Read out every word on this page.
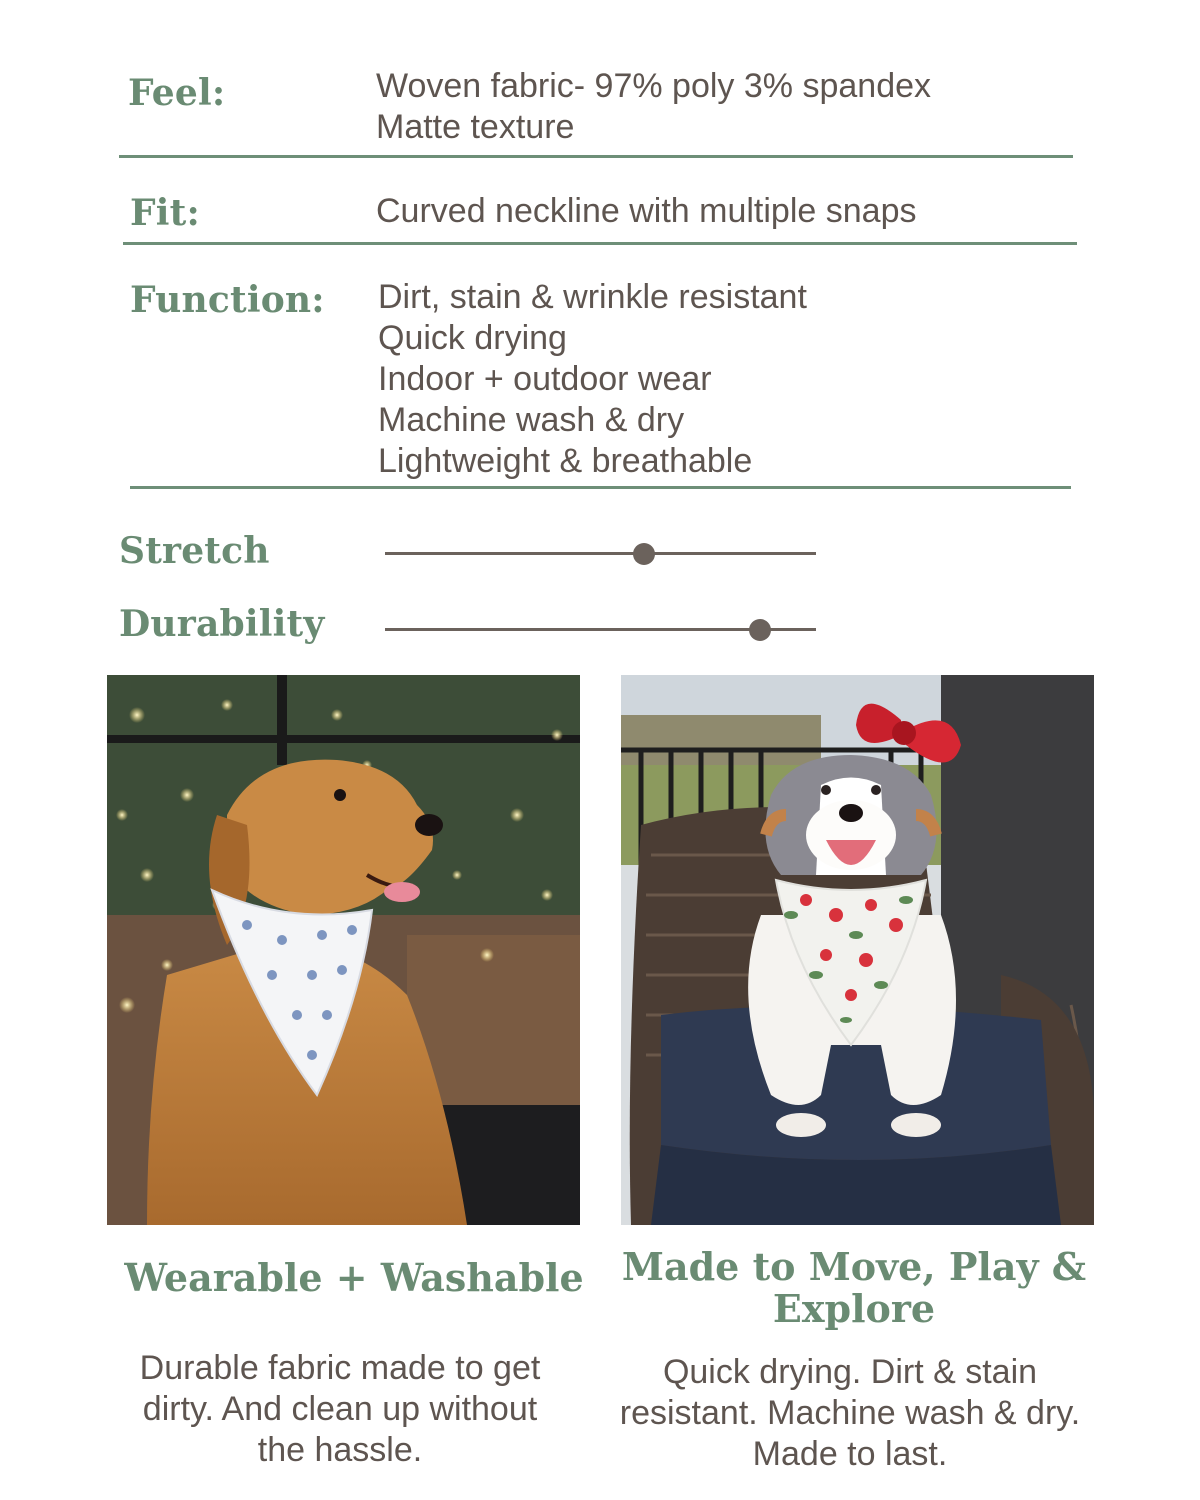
Feel:	Woven fabric- 97% poly 3% spandex
Matte texture
Fit:	Curved neckline with multiple snaps
Function: Dirt, stain & wrinkle resistant
Quick drying
Indoor + outdoor wear
Machine wash & dry
Lightweight & breathable
Stretch
Durability
Wearable + Washable
Durable fabric made to get dirty. And clean up without the hassle.
Made to Move, Play & Explore
Quick drying. Dirt & stain resistant. Machine wash & dry. Made to last.
